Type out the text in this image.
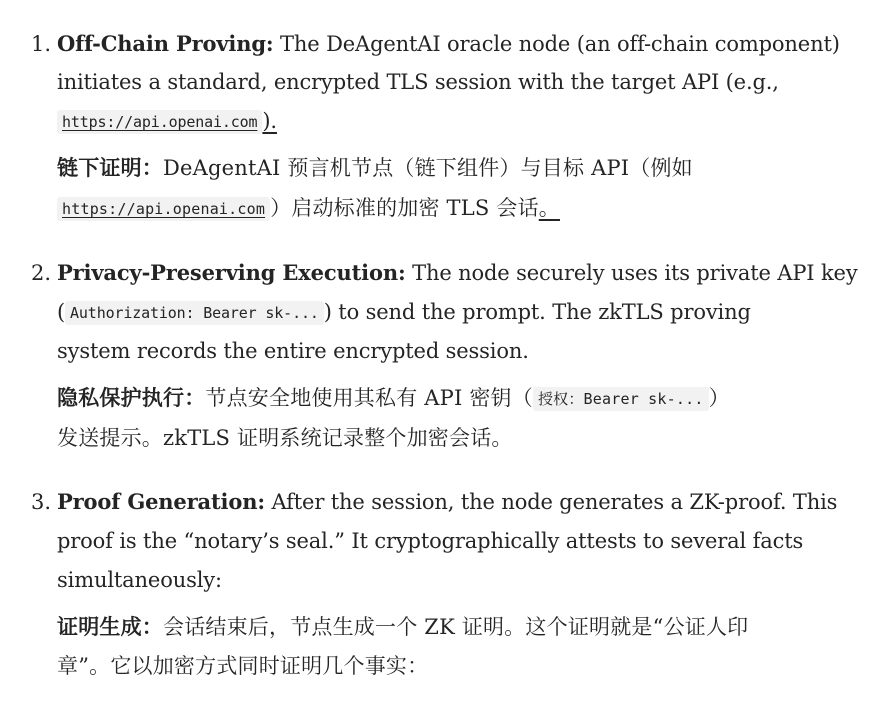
1. Off-Chain Proving: The DeAgentAI oracle node (an off-chain component)
initiates a standard, encrypted TLS session with the target API (e.g.,
https://api.openai.com ).
链下证明：DeAgentAI 预言机节点（链下组件）与目标 API（例如
https://api.openai.com ）启动标准的加密 TLS 会话。
2. Privacy-Preserving Execution: The node securely uses its private API key
( Authorization: Bearer sk-... ) to send the prompt. The zkTLS proving
system records the entire encrypted session.
隐私保护执行：节点安全地使用其私有 API 密钥（ 授权：Bearer sk-... ）
发送提示。zkTLS 证明系统记录整个加密会话。
3. Proof Generation: After the session, the node generates a ZK-proof. This
proof is the “notary’s seal.” It cryptographically attests to several facts
simultaneously:
证明生成：会话结束后，节点生成一个 ZK 证明。这个证明就是“公证人印
章”。它以加密方式同时证明几个事实：
